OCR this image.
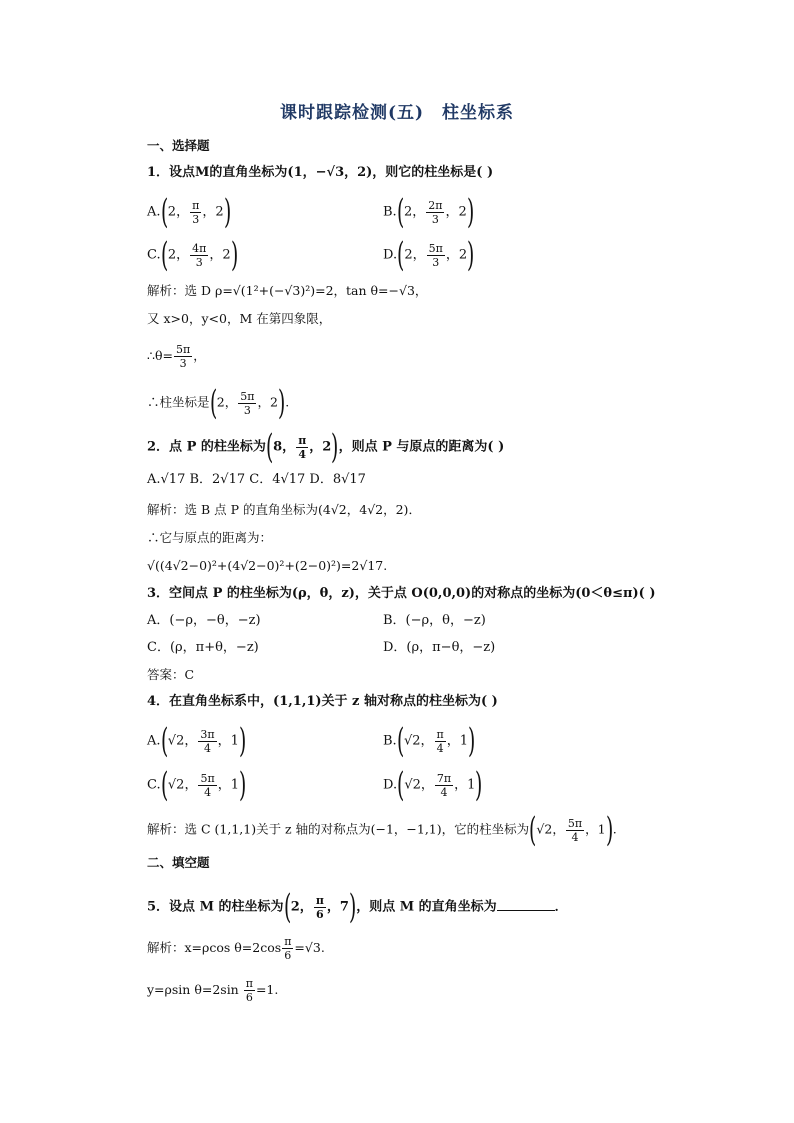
课时跟踪检测(五) 柱坐标系
一、选择题
1．设点M的直角坐标为(1，−√3，2)，则它的柱坐标是( )
A.(2， $\frac{\pi}{3}$ ，2)	B.(2， $\frac{2\pi}{3}$ ，2)
C.(2， $\frac{4\pi}{3}$ ，2)	D.(2， $\frac{5\pi}{3}$ ，2)
解析：选 D ρ=√(1²+(−√3)²)=2，tan θ=−√3，
又 x>0，y<0，M 在第四象限，
∴θ= $\frac{5\pi}{3}$ ，
∴柱坐标是(2， $\frac{5\pi}{3}$ ，2).
2．点 P 的柱坐标为(8， $\frac{\pi}{4}$ ，2)，则点 P 与原点的距离为( )
A.√17 B．2√17 C．4√17 D．8√17
解析：选 B 点 P 的直角坐标为(4√2，4√2，2)．
∴它与原点的距离为：
√((4√2−0)²+(4√2−0)²+(2−0)²)=2√17.
3．空间点 P 的柱坐标为(ρ，θ，z)，关于点 O(0,0,0)的对称点的坐标为(0＜θ≤π)( )
A．(−ρ，−θ，−z)	B．(−ρ，θ，−z)
C．(ρ，π+θ，−z)	D．(ρ，π−θ，−z)
答案：C
4．在直角坐标系中，(1,1,1)关于 z 轴对称点的柱坐标为( )
A.(√2， $\frac{3\pi}{4}$ ，1)	B.(√2， $\frac{\pi}{4}$ ，1)
C.(√2， $\frac{5\pi}{4}$ ，1)	D.(√2， $\frac{7\pi}{4}$ ，1)
解析：选 C (1,1,1)关于 z 轴的对称点为(−1，−1,1)，它的柱坐标为(√2， $\frac{5\pi}{4}$ ，1).
二、填空题
5．设点 M 的柱坐标为(2， $\frac{\pi}{6}$ ，7)，则点 M 的直角坐标为	．
解析：x=ρcos $\theta=2\cos \frac{\pi}{6} =√3$.
y=ρsin $\theta=2\sin \frac{\pi}{6} =1$.
